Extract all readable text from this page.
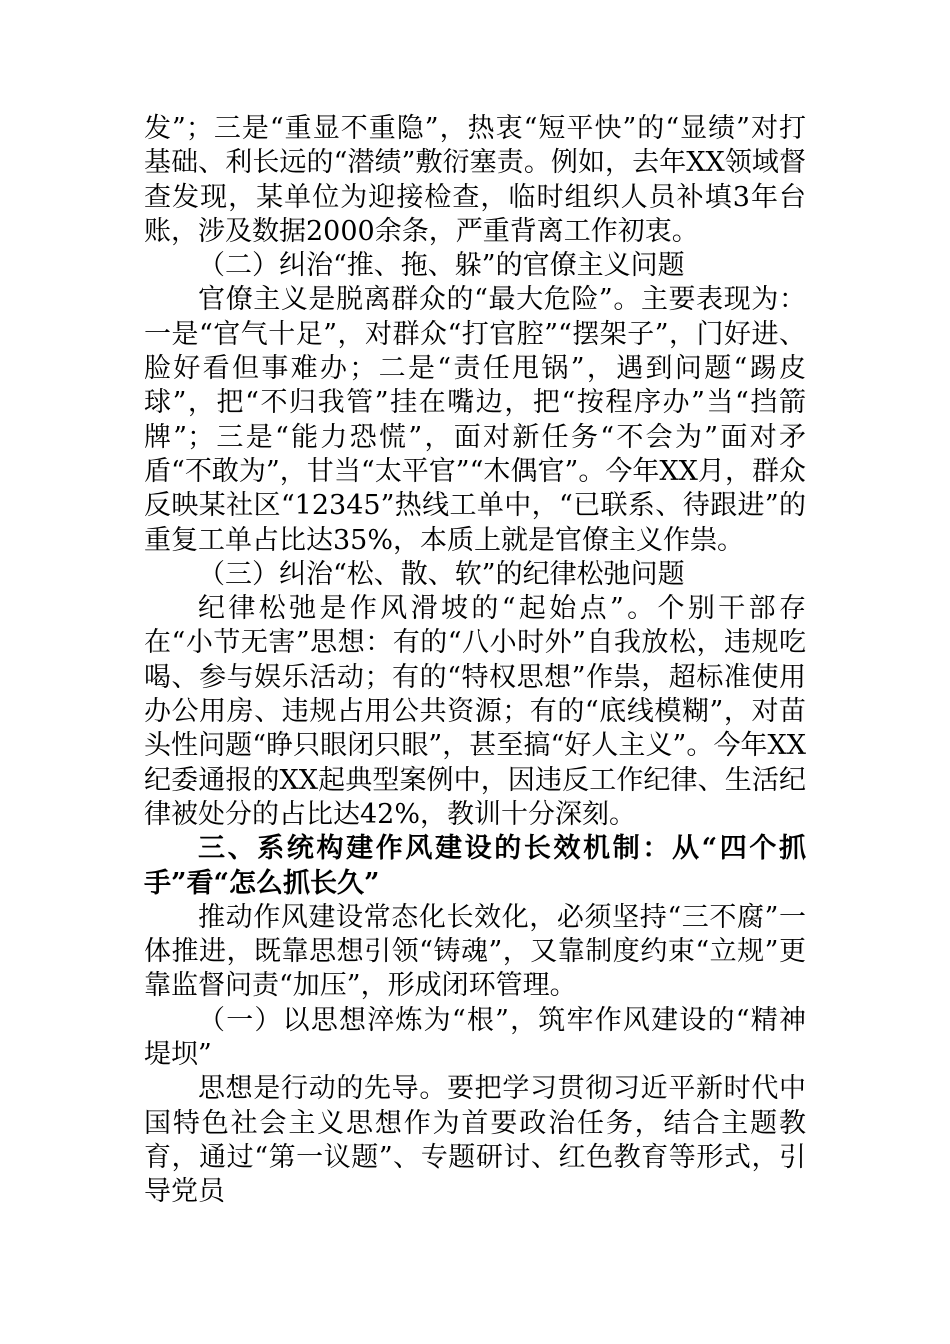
发”；三是“重显不重隐”，热衷“短平快”的“显绩”对打基础、利长远的“潜绩”敷衍塞责。例如，去年XX领域督查发现，某单位为迎接检查，临时组织人员补填3年台账，涉及数据2000余条，严重背离工作初衷。

（二）纠治“推、拖、躲”的官僚主义问题

官僚主义是脱离群众的“最大危险”。主要表现为：一是“官气十足”，对群众“打官腔”“摆架子”，门好进、脸好看但事难办；二是“责任甩锅”，遇到问题“踢皮球”，把“不归我管”挂在嘴边，把“按程序办”当“挡箭牌”；三是“能力恐慌”，面对新任务“不会为”面对矛盾“不敢为”，甘当“太平官”“木偶官”。今年XX月，群众反映某社区“12345”热线工单中，“已联系、待跟进”的重复工单占比达35%，本质上就是官僚主义作祟。

（三）纠治“松、散、软”的纪律松弛问题

纪律松弛是作风滑坡的“起始点”。个别干部存在“小节无害”思想：有的“八小时外”自我放松，违规吃喝、参与娱乐活动；有的“特权思想”作祟，超标准使用办公用房、违规占用公共资源；有的“底线模糊”，对苗头性问题“睁只眼闭只眼”，甚至搞“好人主义”。今年XX纪委通报的XX起典型案例中，因违反工作纪律、生活纪律被处分的占比达42%，教训十分深刻。

三、系统构建作风建设的长效机制：从“四个抓手”看“怎么抓长久”

推动作风建设常态化长效化，必须坚持“三不腐”一体推进，既靠思想引领“铸魂”，又靠制度约束“立规”更靠监督问责“加压”，形成闭环管理。

（一）以思想淬炼为“根”，筑牢作风建设的“精神堤坝”

思想是行动的先导。要把学习贯彻习近平新时代中国特色社会主义思想作为首要政治任务，结合主题教育，通过“第一议题”、专题研讨、红色教育等形式，引导党员
